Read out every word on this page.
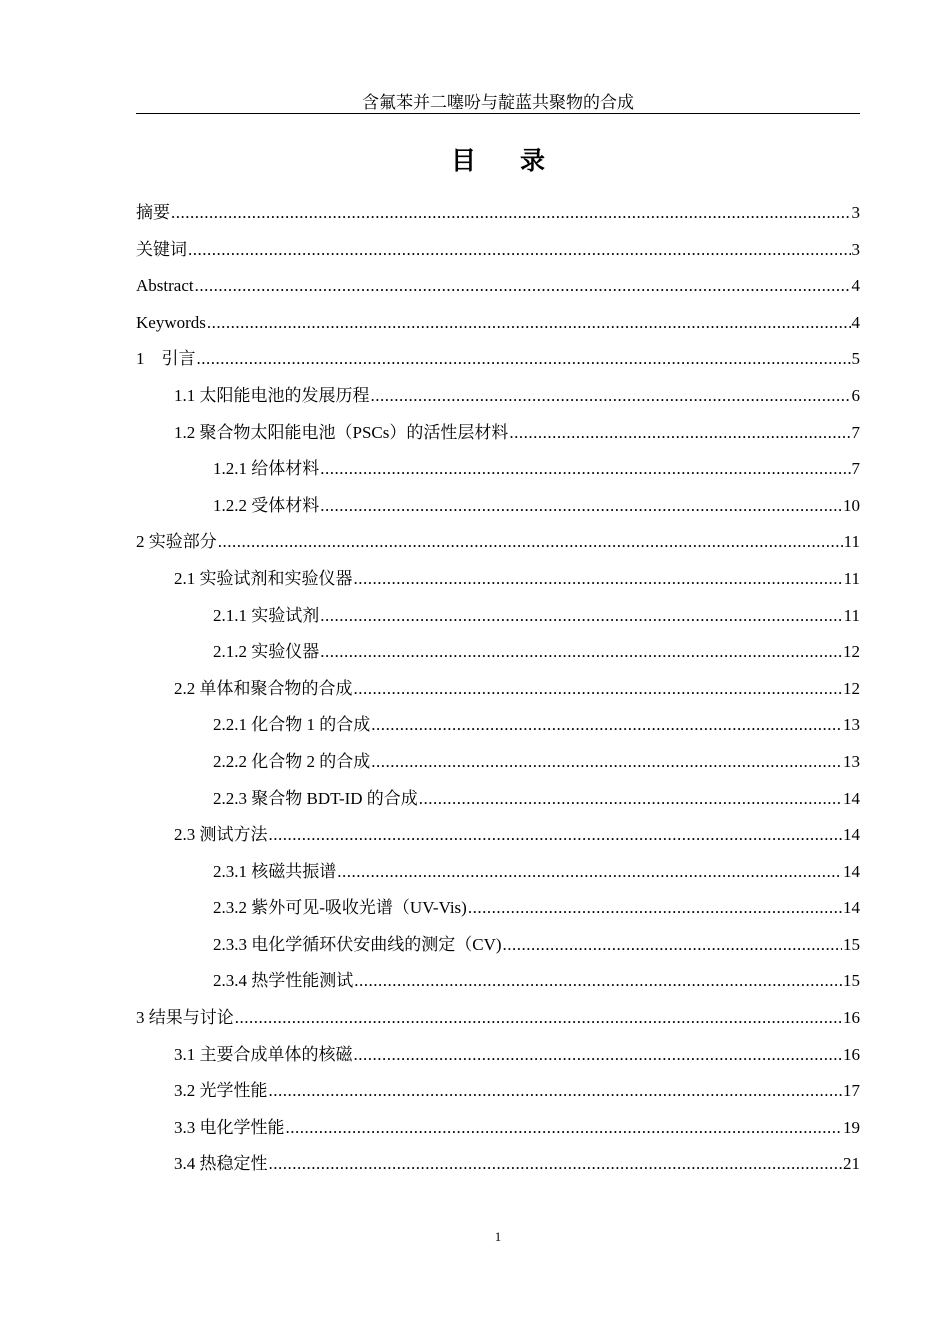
含氟苯并二噻吩与靛蓝共聚物的合成
目录
摘要 .....	3
关键词 .....	3
Abstract .....	4
Keywords .....	4
1　引言 .....	5
1.1 太阳能电池的发展历程 .....	6
1.2 聚合物太阳能电池（PSCs）的活性层材料 .....	7
1.2.1 给体材料 .....	7
1.2.2 受体材料 .....	10
2 实验部分 .....	11
2.1 实验试剂和实验仪器 .....	11
2.1.1 实验试剂 .....	11
2.1.2 实验仪器 .....	12
2.2 单体和聚合物的合成 .....	12
2.2.1 化合物 1 的合成 .....	13
2.2.2 化合物 2 的合成 .....	13
2.2.3 聚合物 BDT-ID 的合成 .....	14
2.3 测试方法 .....	14
2.3.1 核磁共振谱 .....	14
2.3.2 紫外可见-吸收光谱（UV-Vis) .....	14
2.3.3 电化学循环伏安曲线的测定（CV) .....	15
2.3.4 热学性能测试 .....	15
3 结果与讨论 .....	16
3.1 主要合成单体的核磁 .....	16
3.2 光学性能 .....	17
3.3 电化学性能 .....	19
3.4 热稳定性 .....	21
1
